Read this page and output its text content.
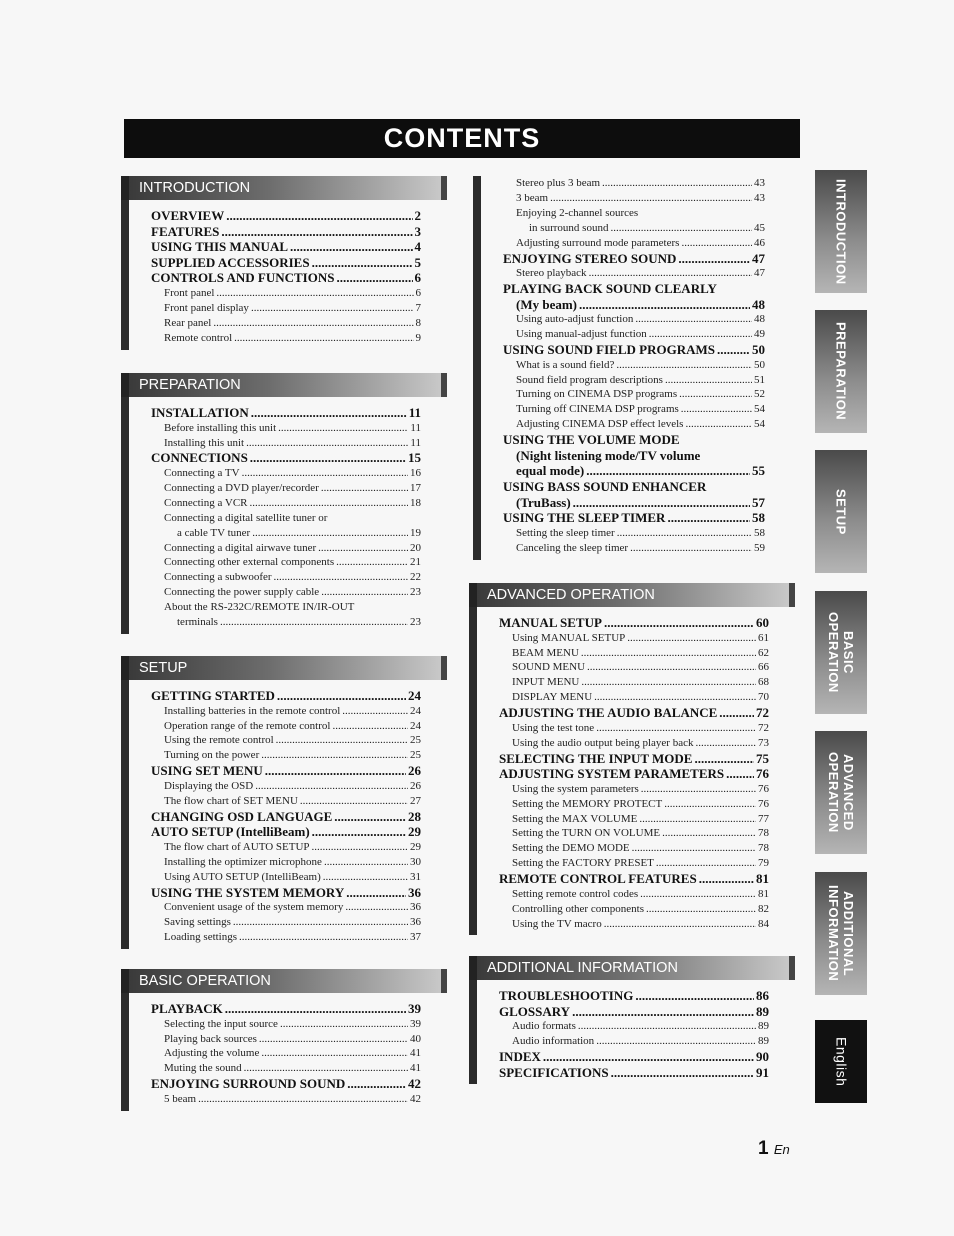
CONTENTS
INTRODUCTION
OVERVIEW .....	2
FEATURES .....	3
USING THIS MANUAL .....	4
SUPPLIED ACCESSORIES .....	5
CONTROLS AND FUNCTIONS .....	6
Front panel .....	6
Front panel display .....	7
Rear panel .....	8
Remote control .....	9
PREPARATION
INSTALLATION .....	11
Before installing this unit .....	11
Installing this unit .....	11
CONNECTIONS .....	15
Connecting a TV .....	16
Connecting a DVD player/recorder .....	17
Connecting a VCR .....	18
Connecting a digital satellite tuner or
a cable TV tuner .....	19
Connecting a digital airwave tuner .....	20
Connecting other external components .....	21
Connecting a subwoofer .....	22
Connecting the power supply cable .....	23
About the RS-232C/REMOTE IN/IR-OUT
terminals .....	23
SETUP
GETTING STARTED .....	24
Installing batteries in the remote control .....	24
Operation range of the remote control .....	24
Using the remote control .....	25
Turning on the power .....	25
USING SET MENU .....	26
Displaying the OSD .....	26
The flow chart of SET MENU .....	27
CHANGING OSD LANGUAGE .....	28
AUTO SETUP (IntelliBeam) .....	29
The flow chart of AUTO SETUP .....	29
Installing the optimizer microphone .....	30
Using AUTO SETUP (IntelliBeam) .....	31
USING THE SYSTEM MEMORY .....	36
Convenient usage of the system memory .....	36
Saving settings .....	36
Loading settings .....	37
BASIC OPERATION
PLAYBACK .....	39
Selecting the input source .....	39
Playing back sources .....	40
Adjusting the volume .....	41
Muting the sound .....	41
ENJOYING SURROUND SOUND .....	42
5 beam .....	42
Stereo plus 3 beam .....	43
3 beam .....	43
Enjoying 2-channel sources
in surround sound .....	45
Adjusting surround mode parameters .....	46
ENJOYING STEREO SOUND .....	47
Stereo playback .....	47
PLAYING BACK SOUND CLEARLY
(My beam) .....	48
Using auto-adjust function .....	48
Using manual-adjust function .....	49
USING SOUND FIELD PROGRAMS .....	50
What is a sound field? .....	50
Sound field program descriptions .....	51
Turning on CINEMA DSP programs .....	52
Turning off CINEMA DSP programs .....	54
Adjusting CINEMA DSP effect levels .....	54
USING THE VOLUME MODE
(Night listening mode/TV volume
equal mode) .....	55
USING BASS SOUND ENHANCER
(TruBass) .....	57
USING THE SLEEP TIMER .....	58
Setting the sleep timer .....	58
Canceling the sleep timer .....	59
ADVANCED OPERATION
MANUAL SETUP .....	60
Using MANUAL SETUP .....	61
BEAM MENU .....	62
SOUND MENU .....	66
INPUT MENU .....	68
DISPLAY MENU .....	70
ADJUSTING THE AUDIO BALANCE .....	72
Using the test tone .....	72
Using the audio output being player back .....	73
SELECTING THE INPUT MODE .....	75
ADJUSTING SYSTEM PARAMETERS ..... 76
Using the system parameters .....	76
Setting the MEMORY PROTECT .....	76
Setting the MAX VOLUME .....	77
Setting the TURN ON VOLUME .....	78
Setting the DEMO MODE .....	78
Setting the FACTORY PRESET .....	79
REMOTE CONTROL FEATURES .....	81
Setting remote control codes .....	81
Controlling other components .....	82
Using the TV macro .....	84
ADDITIONAL INFORMATION
TROUBLESHOOTING .....	86
GLOSSARY .....	89
Audio formats .....	89
Audio information .....	89
INDEX .....	90
SPECIFICATIONS .....	91
INTRODUCTION
PREPARATION
SETUP
BASIC OPERATION
ADVANCED OPERATION
ADDITIONAL INFORMATION
English
1 En
